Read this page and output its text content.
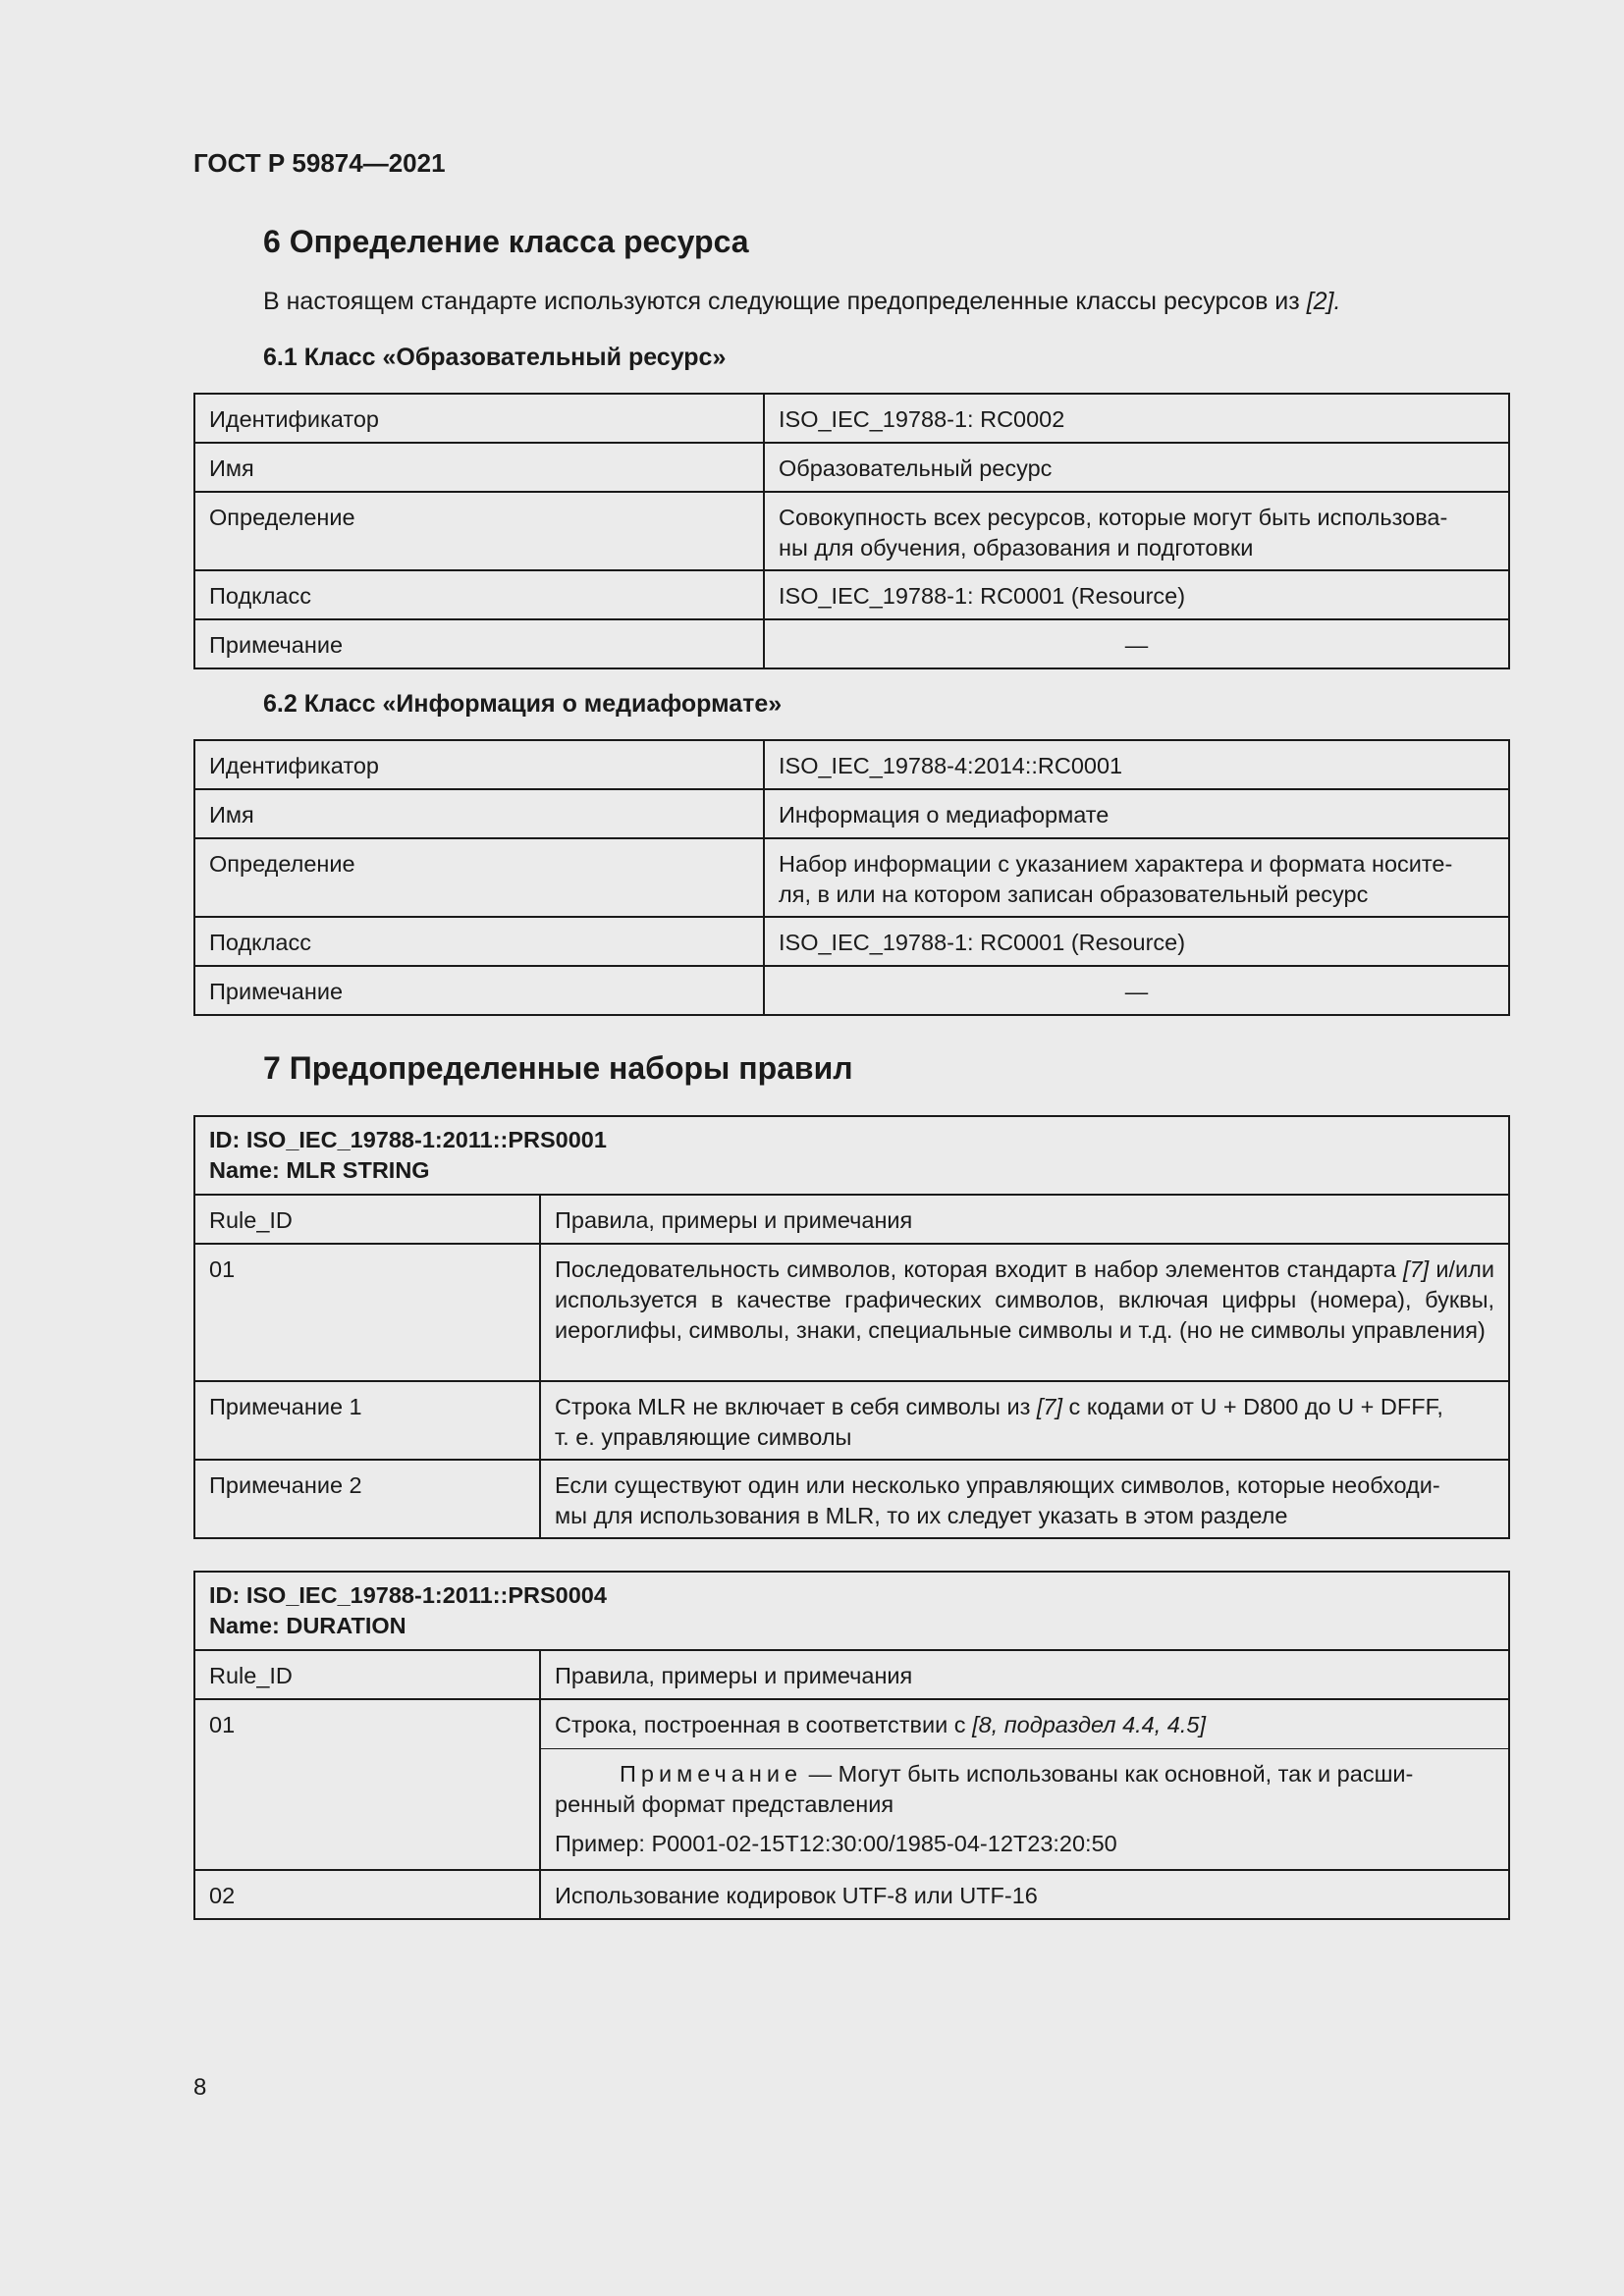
ГОСТ Р 59874—2021
6 Определение класса ресурса
В настоящем стандарте используются следующие предопределенные классы ресурсов из [2].
6.1 Класс «Образовательный ресурс»
Идентификатор	ISO_IEC_19788-1: RC0002
Имя	Образовательный ресурс
Определение	Совокупность всех ресурсов, которые могут быть использова-
ны для обучения, образования и подготовки

Подкласс	ISO_IEC_19788-1: RC0001 (Resource)
Примечание	—
6.2 Класс «Информация о медиаформате»
Идентификатор	ISO_IEC_19788-4:2014::RC0001
Имя	Информация о медиаформате
Определение	Набор информации с указанием характера и формата носите-
ля, в или на котором записан образовательный ресурс

Подкласс	ISO_IEC_19788-1: RC0001 (Resource)
Примечание	—
7 Предопределенные наборы правил
ID: ISO_IEC_19788-1:2011::PRS0001
Name: MLR STRING	

Rule_ID	Правила, примеры и примечания
01	Последовательность символов, которая входит в набор элементов стандарта [7] и/или используется в качестве графических символов, включая цифры (номера), буквы, иероглифы, символы, знаки, специальные символы и т.д. (но не символы управления)
Примечание 1	Строка MLR не включает в себя символы из [7] с кодами от U + D800 до U + DFFF,
т. е. управляющие символы

Примечание 2	Если существуют один или несколько управляющих символов, которые необходи-
мы для использования в MLR, то их следует указать в этом разделе
ID: ISO_IEC_19788-1:2011::PRS0004
Name: DURATION	

Rule_ID	Правила, примеры и примечания
01	Строка, построенная в соответствии с [8, подраздел 4.4, 4.5]

	Примечание — Могут быть использованы как основной, так и расши-
ренный формат представления
Пример: P0001-02-15T12:30:00/1985-04-12T23:20:50

02	Использование кодировок UTF-8 или UTF-16
8
